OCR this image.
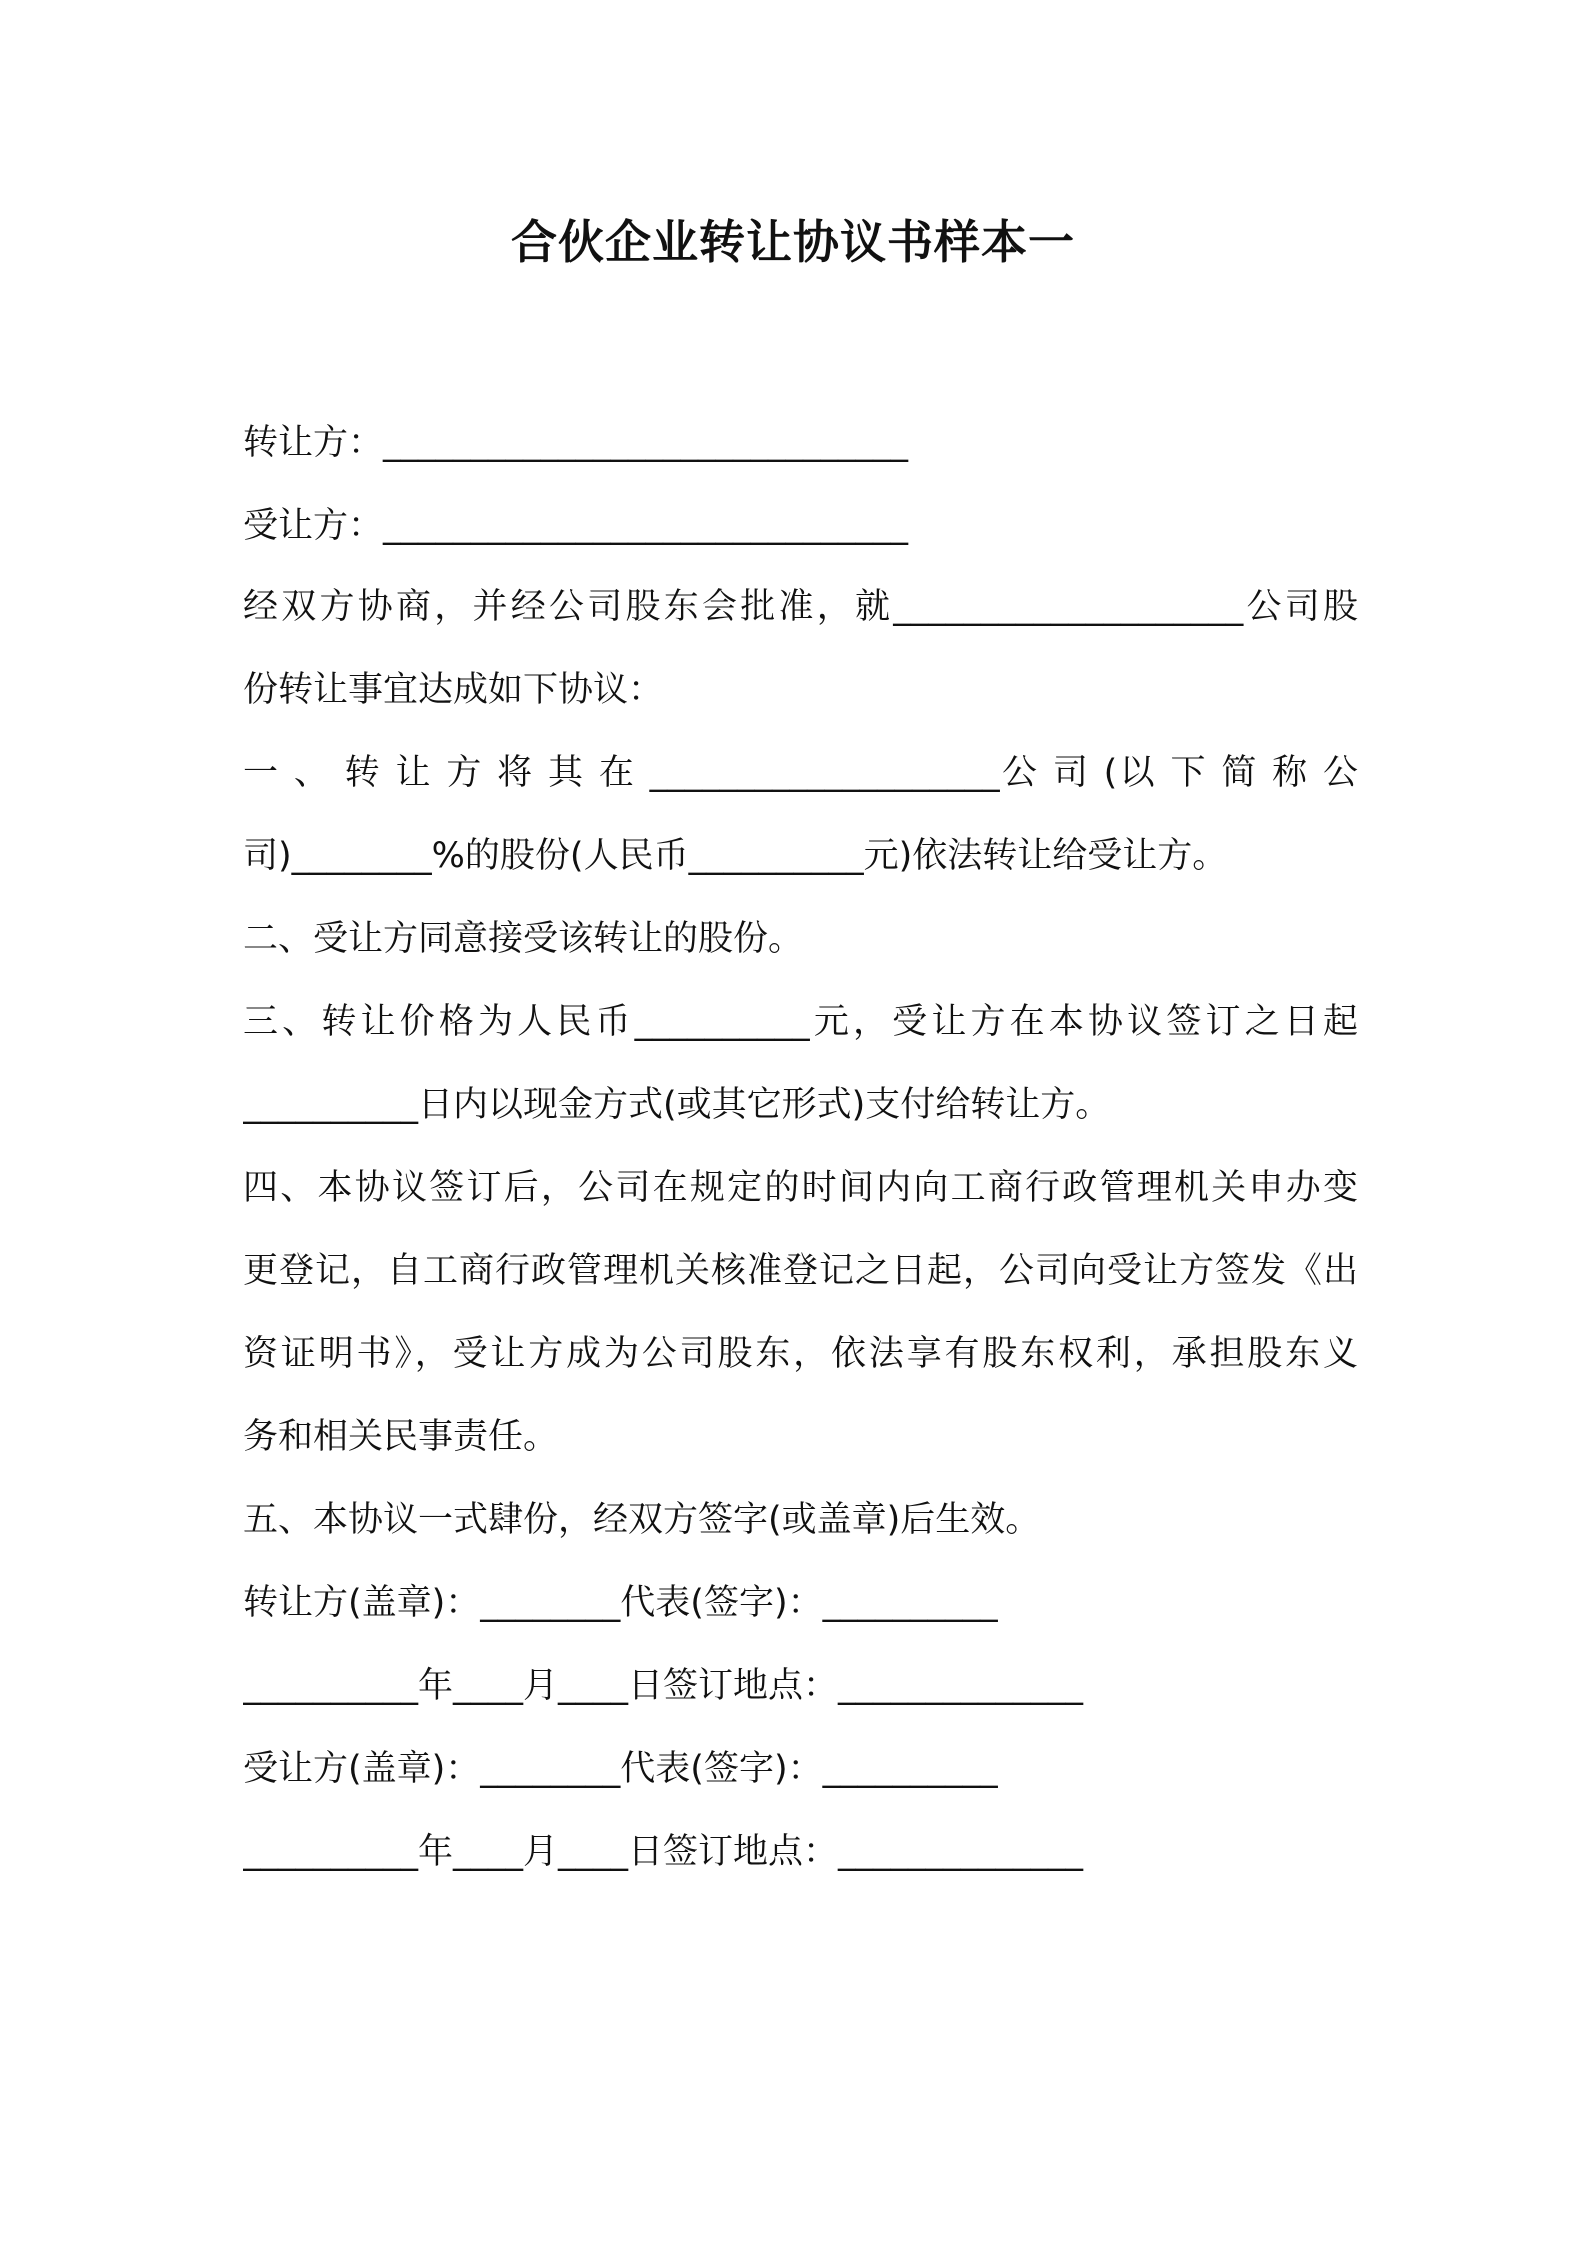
合伙企业转让协议书样本一
转让方：______________________________
受让方：______________________________
经双方协商，并经公司股东会批准，就____________________公司股
份转让事宜达成如下协议：
一 、 转 让 方 将 其 在 ____________________公 司 (以 下 简 称 公
司)________%的股份(人民币__________元)依法转让给受让方。
二、受让方同意接受该转让的股份。
三、转让价格为人民币__________元，受让方在本协议签订之日起
__________日内以现金方式(或其它形式)支付给转让方。
四、本协议签订后，公司在规定的时间内向工商行政管理机关申办变
更登记，自工商行政管理机关核准登记之日起，公司向受让方签发《出
资证明书》，受让方成为公司股东，依法享有股东权利，承担股东义
务和相关民事责任。
五、本协议一式肆份，经双方签字(或盖章)后生效。
转让方(盖章)：________代表(签字)：__________
__________年____月____日签订地点：______________
受让方(盖章)：________代表(签字)：__________
__________年____月____日签订地点：______________
